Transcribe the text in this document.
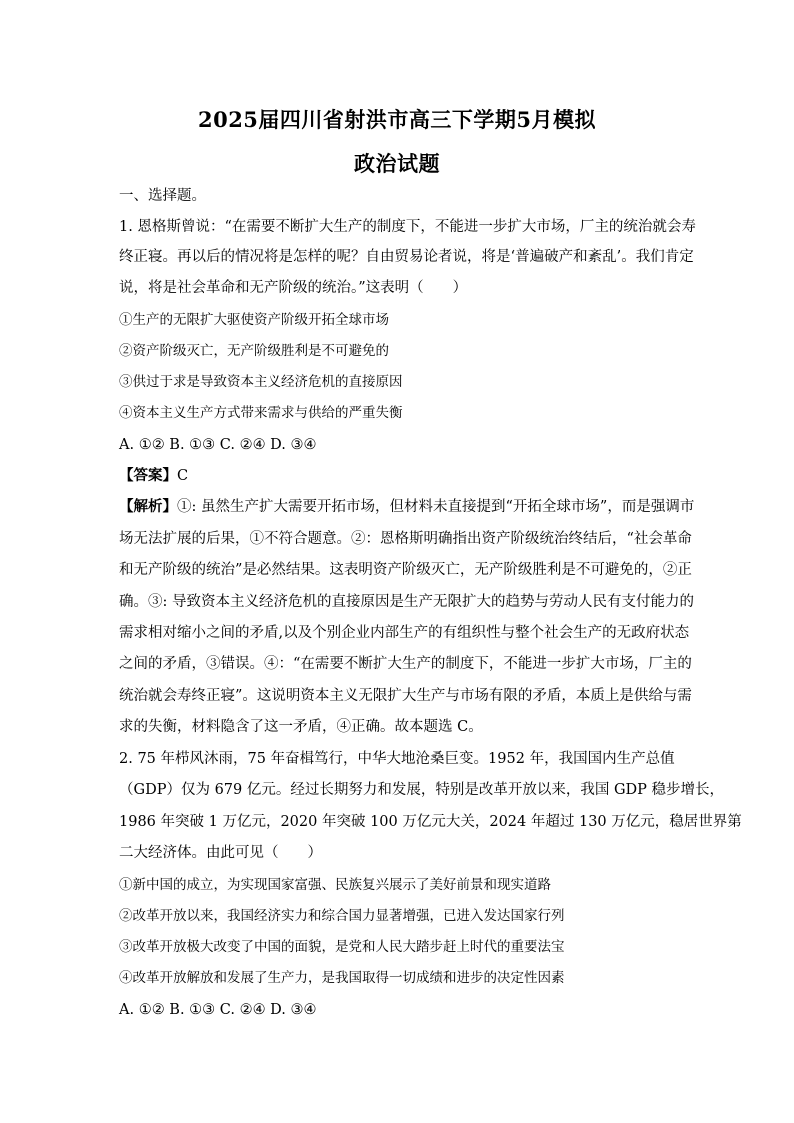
2025届四川省射洪市高三下学期5月模拟
政治试题
一、选择题。
1. 恩格斯曾说：“在需要不断扩大生产的制度下，不能进一步扩大市场，厂主的统治就会寿
终正寝。再以后的情况将是怎样的呢？自由贸易论者说，将是‘普遍破产和紊乱’。我们肯定
说，将是社会革命和无产阶级的统治。”这表明（　　）
①生产的无限扩大驱使资产阶级开拓全球市场
②资产阶级灭亡，无产阶级胜利是不可避免的
③供过于求是导致资本主义经济危机的直接原因
④资本主义生产方式带来需求与供给的严重失衡
A. ①② B. ①③ C. ②④ D. ③④
【答案】C
【解析】①: 虽然生产扩大需要开拓市场，但材料未直接提到“开拓全球市场”，而是强调市
场无法扩展的后果，①不符合题意。②：恩格斯明确指出资产阶级统治终结后，“社会革命
和无产阶级的统治”是必然结果。这表明资产阶级灭亡，无产阶级胜利是不可避免的，②正
确。③: 导致资本主义经济危机的直接原因是生产无限扩大的趋势与劳动人民有支付能力的
需求相对缩小之间的矛盾,以及个别企业内部生产的有组织性与整个社会生产的无政府状态
之间的矛盾，③错误。④：“在需要不断扩大生产的制度下，不能进一步扩大市场，厂主的
统治就会寿终正寝”。这说明资本主义无限扩大生产与市场有限的矛盾，本质上是供给与需
求的失衡，材料隐含了这一矛盾，④正确。故本题选 C。
2. 75 年栉风沐雨，75 年奋楫笃行，中华大地沧桑巨变。1952 年，我国国内生产总值
（GDP）仅为 679 亿元。经过长期努力和发展，特别是改革开放以来，我国 GDP 稳步增长，
1986 年突破 1 万亿元，2020 年突破 100 万亿元大关，2024 年超过 130 万亿元，稳居世界第
二大经济体。由此可见（　　）
①新中国的成立，为实现国家富强、民族复兴展示了美好前景和现实道路
②改革开放以来，我国经济实力和综合国力显著增强，已进入发达国家行列
③改革开放极大改变了中国的面貌，是党和人民大踏步赶上时代的重要法宝
④改革开放解放和发展了生产力，是我国取得一切成绩和进步的决定性因素
A. ①② B. ①③ C. ②④ D. ③④
